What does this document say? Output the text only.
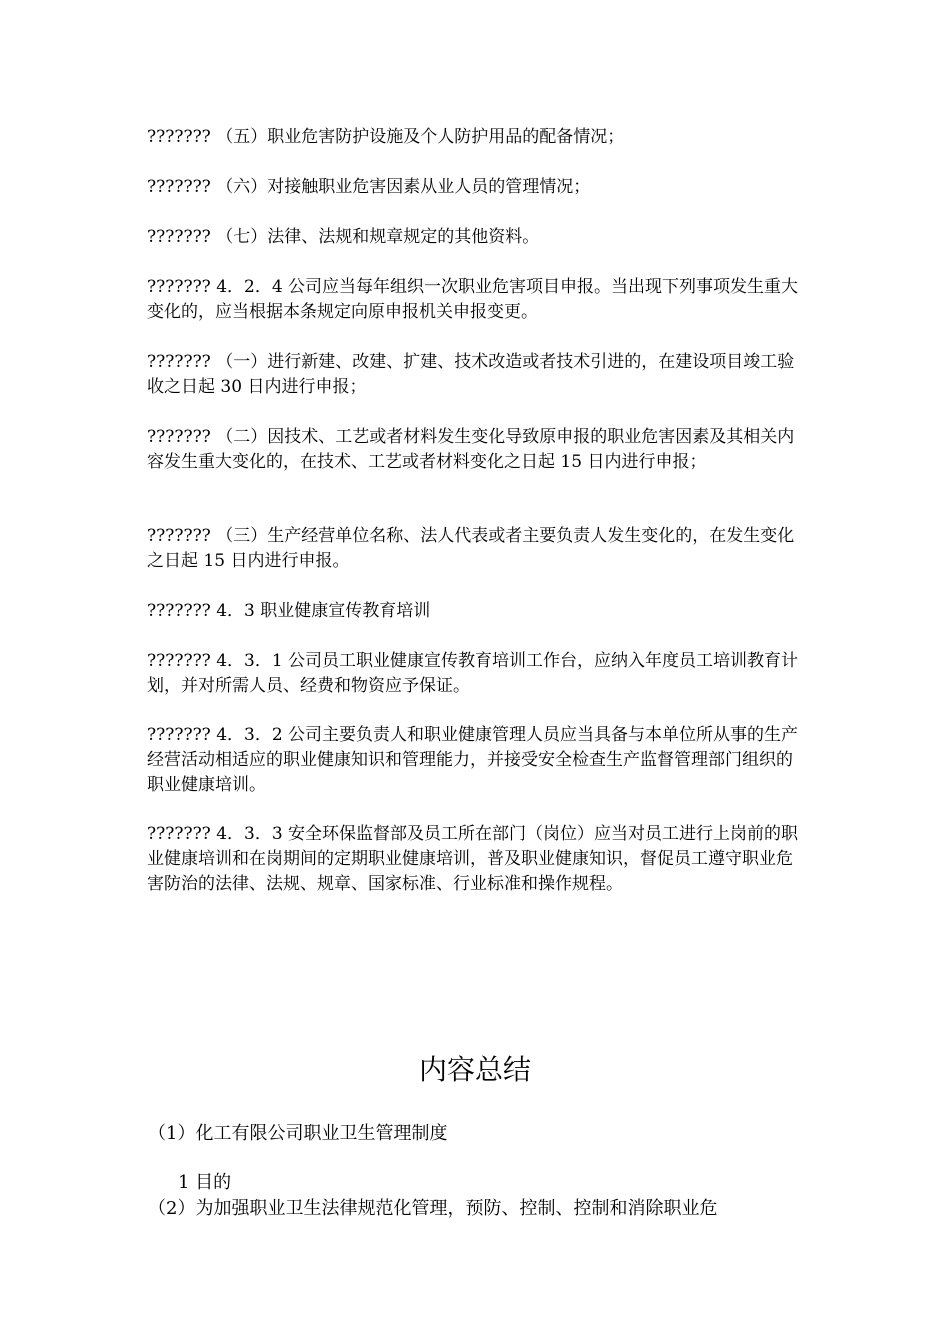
??????? （五）职业危害防护设施及个人防护用品的配备情况；

??????? （六）对接触职业危害因素从业人员的管理情况；

??????? （七）法律、法规和规章规定的其他资料。

??????? 4．2．4 公司应当每年组织一次职业危害项目申报。当出现下列事项发生重大变化的，应当根据本条规定向原申报机关申报变更。

??????? （一）进行新建、改建、扩建、技术改造或者技术引进的，在建设项目竣工验收之日起 30 日内进行申报；

??????? （二）因技术、工艺或者材料发生变化导致原申报的职业危害因素及其相关内容发生重大变化的，在技术、工艺或者材料变化之日起 15 日内进行申报；

??????? （三）生产经营单位名称、法人代表或者主要负责人发生变化的，在发生变化之日起 15 日内进行申报。

??????? 4．3 职业健康宣传教育培训

??????? 4．3．1 公司员工职业健康宣传教育培训工作台，应纳入年度员工培训教育计划，并对所需人员、经费和物资应予保证。

??????? 4．3．2 公司主要负责人和职业健康管理人员应当具备与本单位所从事的生产经营活动相适应的职业健康知识和管理能力，并接受安全检查生产监督管理部门组织的职业健康培训。

??????? 4．3．3 安全环保监督部及员工所在部门（岗位）应当对员工进行上岗前的职业健康培训和在岗期间的定期职业健康培训，普及职业健康知识，督促员工遵守职业危害防治的法律、法规、规章、国家标准、行业标准和操作规程。

内容总结

（1）化工有限公司职业卫生管理制度

1 目的

（2）为加强职业卫生法律规范化管理，预防、控制、控制和消除职业危
